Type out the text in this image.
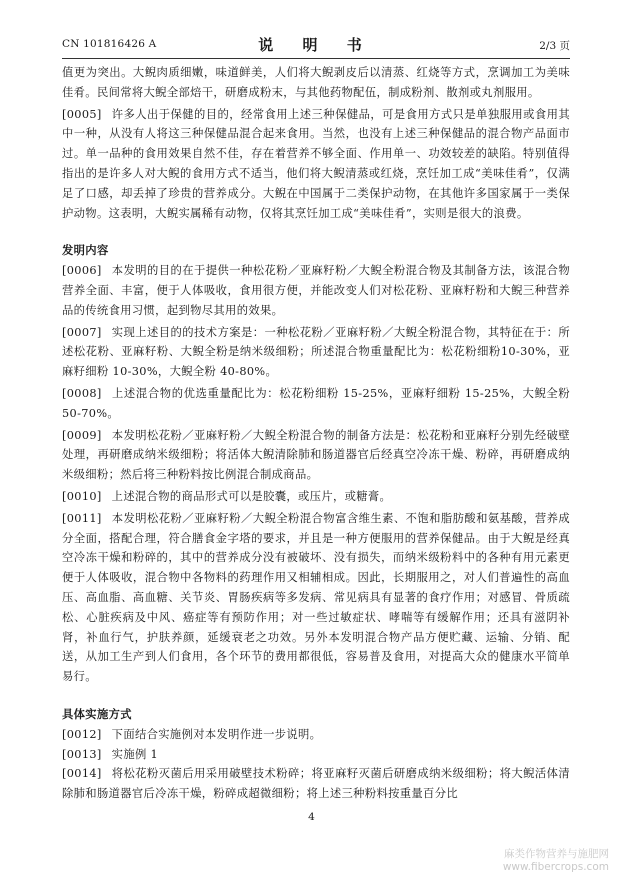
CN 101816426 A	说 明 书	2/3 页

值更为突出。大鲵肉质细嫩，味道鲜美，人们将大鲵剥皮后以清蒸、红烧等方式，烹调加工为美味佳肴。民间常将大鲵全部焙干，研磨成粉末，与其他药物配伍，制成粉剂、散剂或丸剂服用。

[0005] 许多人出于保健的目的，经常食用上述三种保健品，可是食用方式只是单独服用或食用其中一种，从没有人将这三种保健品混合起来食用。当然，也没有上述三种保健品的混合物产品面市过。单一品种的食用效果自然不佳，存在着营养不够全面、作用单一、功效较差的缺陷。特别值得指出的是许多人对大鲵的食用方式不适当，他们将大鲵清蒸或红烧，烹饪加工成“美味佳肴”，仅满足了口感，却丢掉了珍贵的营养成分。大鲵在中国属于二类保护动物，在其他许多国家属于一类保护动物。这表明，大鲵实属稀有动物，仅将其烹饪加工成“美味佳肴”，实则是很大的浪费。

发明内容

[0006] 本发明的目的在于提供一种松花粉／亚麻籽粉／大鲵全粉混合物及其制备方法，该混合物营养全面、丰富，便于人体吸收，食用很方便，并能改变人们对松花粉、亚麻籽粉和大鲵三种营养品的传统食用习惯，起到物尽其用的效果。

[0007] 实现上述目的的技术方案是：一种松花粉／亚麻籽粉／大鲵全粉混合物，其特征在于：所述松花粉、亚麻籽粉、大鲵全粉是纳米级细粉；所述混合物重量配比为：松花粉细粉10-30%，亚麻籽细粉 10-30%，大鲵全粉 40-80%。

[0008] 上述混合物的优选重量配比为：松花粉细粉 15-25%，亚麻籽细粉 15-25%，大鲵全粉 50-70%。

[0009] 本发明松花粉／亚麻籽粉／大鲵全粉混合物的制备方法是：松花粉和亚麻籽分别先经破壁处理，再研磨成纳米级细粉；将活体大鲵清除肺和肠道器官后经真空冷冻干燥、粉碎，再研磨成纳米级细粉；然后将三种粉料按比例混合制成商品。

[0010] 上述混合物的商品形式可以是胶囊，或压片，或糖膏。

[0011] 本发明松花粉／亚麻籽粉／大鲵全粉混合物富含维生素、不饱和脂肪酸和氨基酸，营养成分全面，搭配合理，符合膳食金字塔的要求，并且是一种方便服用的营养保健品。由于大鲵是经真空冷冻干燥和粉碎的，其中的营养成分没有被破坏、没有损失，而纳米级粉料中的各种有用元素更便于人体吸收，混合物中各物料的药理作用又相辅相成。因此，长期服用之，对人们普遍性的高血压、高血脂、高血糖、关节炎、胃肠疾病等多发病、常见病具有显著的食疗作用；对感冒、骨质疏松、心脏疾病及中风、癌症等有预防作用；对一些过敏症状、哮喘等有缓解作用；还具有滋阴补肾，补血行气，护肤养颜，延缓衰老之功效。另外本发明混合物产品方便贮藏、运输、分销、配送，从加工生产到人们食用，各个环节的费用都很低，容易普及食用，对提高大众的健康水平简单易行。

具体实施方式

[0012] 下面结合实施例对本发明作进一步说明。

[0013] 实施例 1

[0014] 将松花粉灭菌后用采用破壁技术粉碎；将亚麻籽灭菌后研磨成纳米级细粉；将大鲵活体清除肺和肠道器官后冷冻干燥，粉碎成超微细粉；将上述三种粉料按重量百分比

4
麻类作物营养与施肥网
www.fibercrops.com
